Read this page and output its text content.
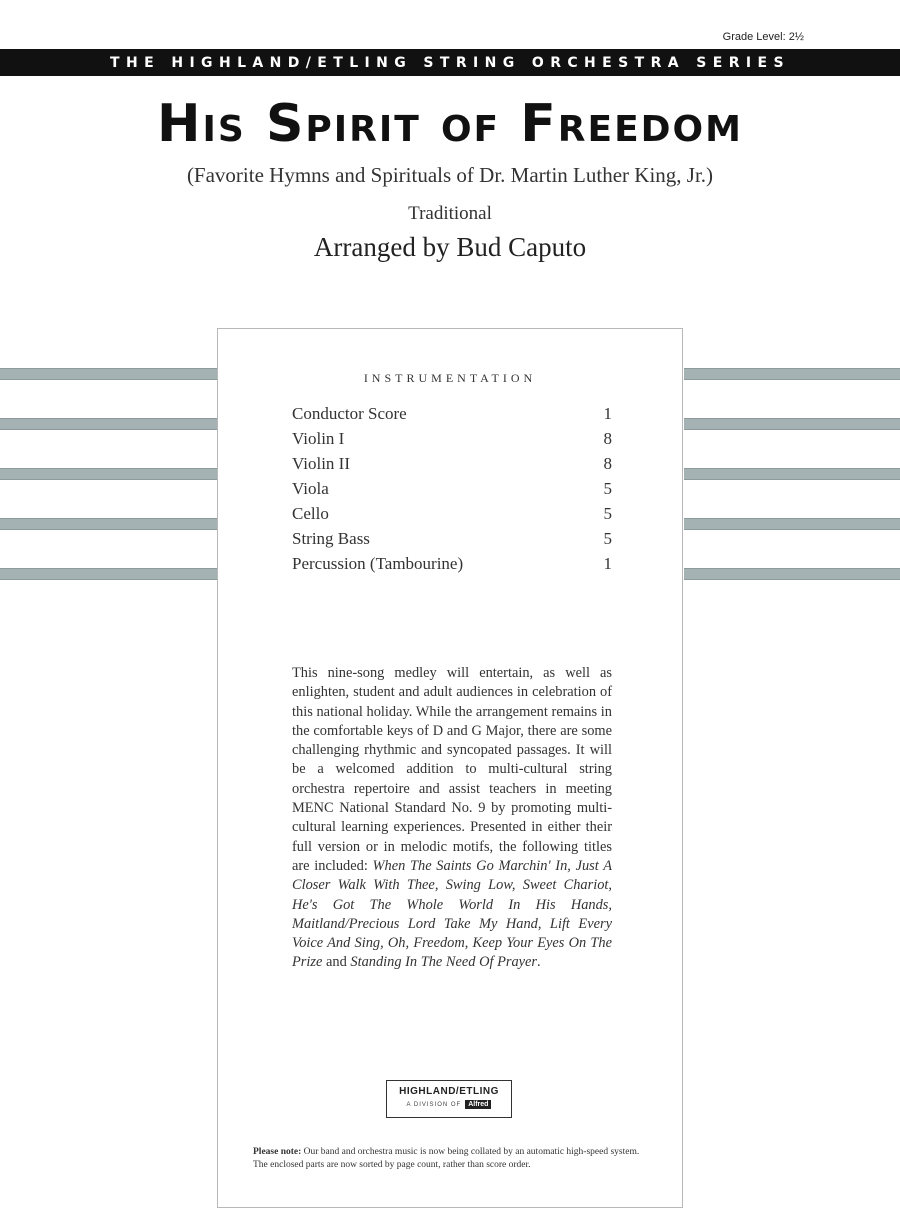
Grade Level: 2½
THE HIGHLAND/ETLING STRING ORCHESTRA SERIES
His Spirit of Freedom
(Favorite Hymns and Spirituals of Dr. Martin Luther King, Jr.)
Traditional
Arranged by Bud Caputo
INSTRUMENTATION
Conductor Score	1
Violin I	8
Violin II	8
Viola	5
Cello	5
String Bass	5
Percussion (Tambourine)	1
This nine-song medley will entertain, as well as enlighten, student and adult audiences in celebration of this national holiday. While the arrangement remains in the comfortable keys of D and G Major, there are some challenging rhythmic and syncopated passages. It will be a welcomed addition to multi-cultural string orchestra repertoire and assist teachers in meeting MENC National Standard No. 9 by promoting multi-cultural learning experiences. Presented in either their full version or in melodic motifs, the following titles are included: When The Saints Go Marchin' In, Just A Closer Walk With Thee, Swing Low, Sweet Chariot, He's Got The Whole World In His Hands, Maitland/Precious Lord Take My Hand, Lift Every Voice And Sing, Oh, Freedom, Keep Your Eyes On The Prize and Standing In The Need Of Prayer.
HIGHLAND/ETLING
A DIVISION OF	Alfred
Please note: Our band and orchestra music is now being collated by an automatic high-speed system. The enclosed parts are now sorted by page count, rather than score order.
